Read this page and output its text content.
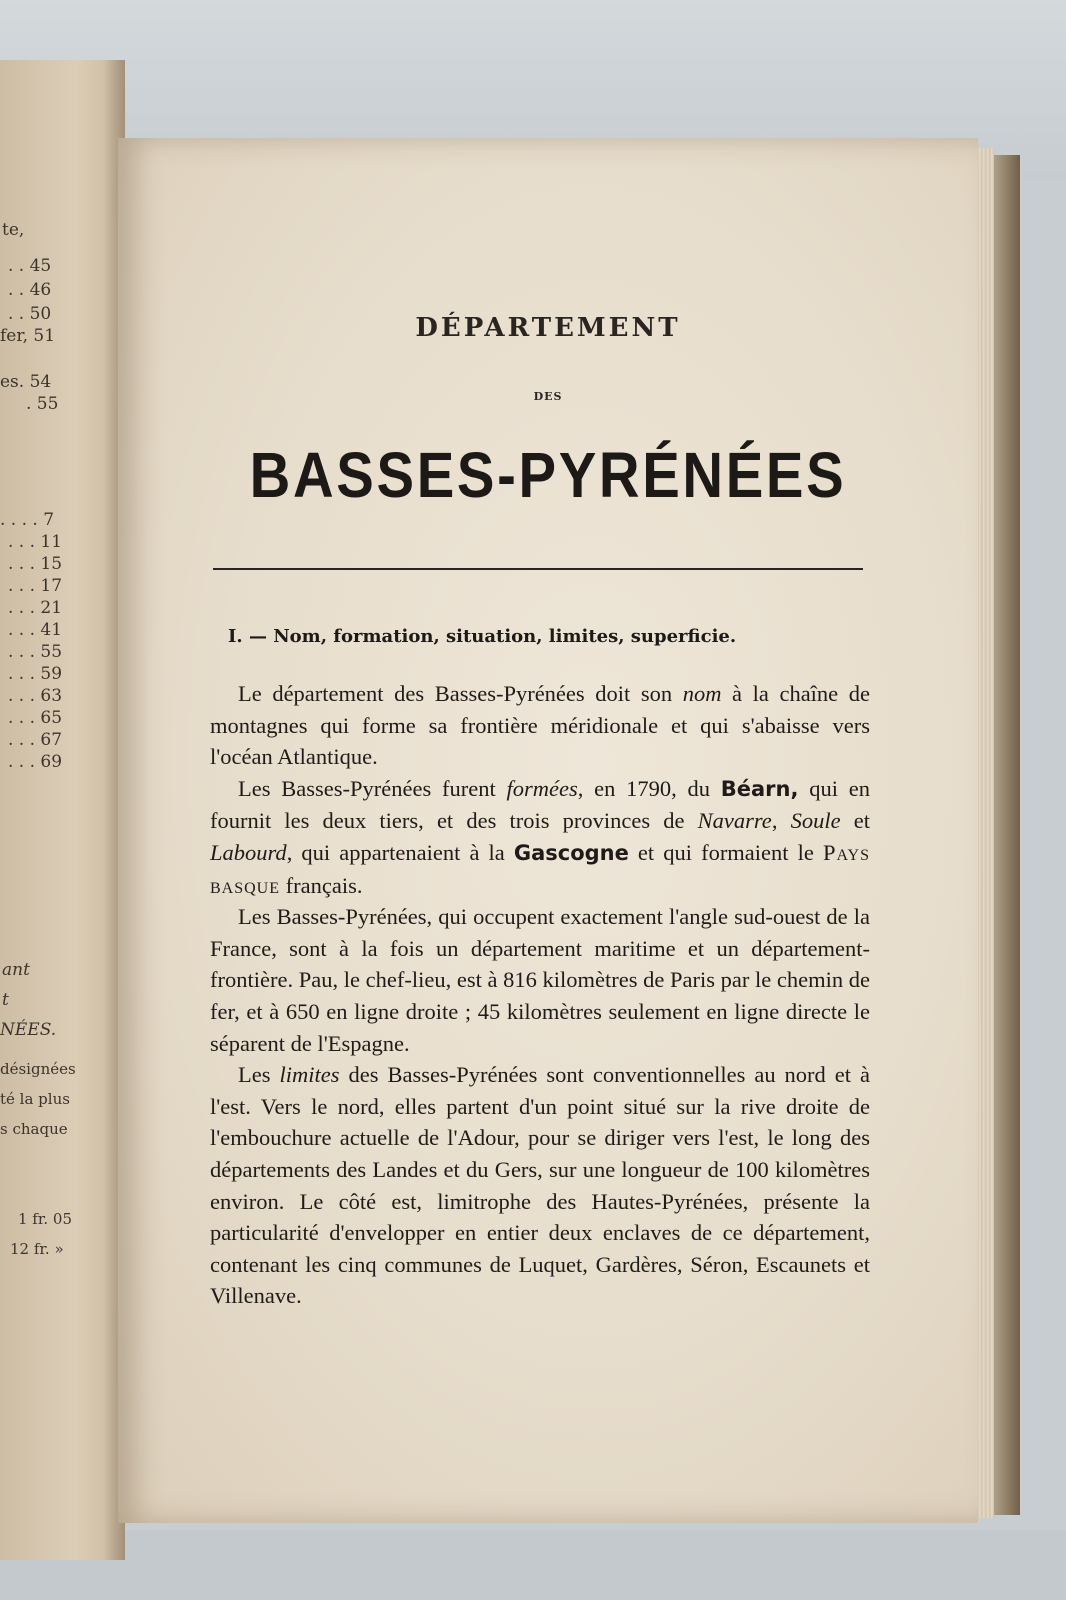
te,
. . 45
. . 46
. . 50
fer, 51
es. 54
. 55
. . . . 7
. . . 11
. . . 15
. . . 17
. . . 21
. . . 41
. . . 55
. . . 59
. . . 63
. . . 65
. . . 67
. . . 69
ant
t
NÉES.
désignées
té la plus
s chaque
1 fr. 05
12 fr. »
DÉPARTEMENT
DES
BASSES-PYRÉNÉES
I. — Nom, formation, situation, limites, superficie.

Le département des Basses-Pyrénées doit son nom à la chaîne de montagnes qui forme sa frontière méridionale et qui s'abaisse vers l'océan Atlantique.

Les Basses-Pyrénées furent formées, en 1790, du Béarn, qui en fournit les deux tiers, et des trois provinces de Navarre, Soule et Labourd, qui appartenaient à la Gascogne et qui formaient le Pays basque français.

Les Basses-Pyrénées, qui occupent exactement l'angle sud-ouest de la France, sont à la fois un département maritime et un département-frontière. Pau, le chef-lieu, est à 816 kilomètres de Paris par le chemin de fer, et à 650 en ligne droite ; 45 kilomètres seulement en ligne directe le séparent de l'Espagne.

Les limites des Basses-Pyrénées sont conventionnelles au nord et à l'est. Vers le nord, elles partent d'un point situé sur la rive droite de l'embouchure actuelle de l'Adour, pour se diriger vers l'est, le long des départements des Landes et du Gers, sur une longueur de 100 kilomètres environ. Le côté est, limitrophe des Hautes-Pyrénées, présente la particularité d'envelopper en entier deux enclaves de ce département, contenant les cinq communes de Luquet, Gardères, Séron, Escaunets et Villenave.
